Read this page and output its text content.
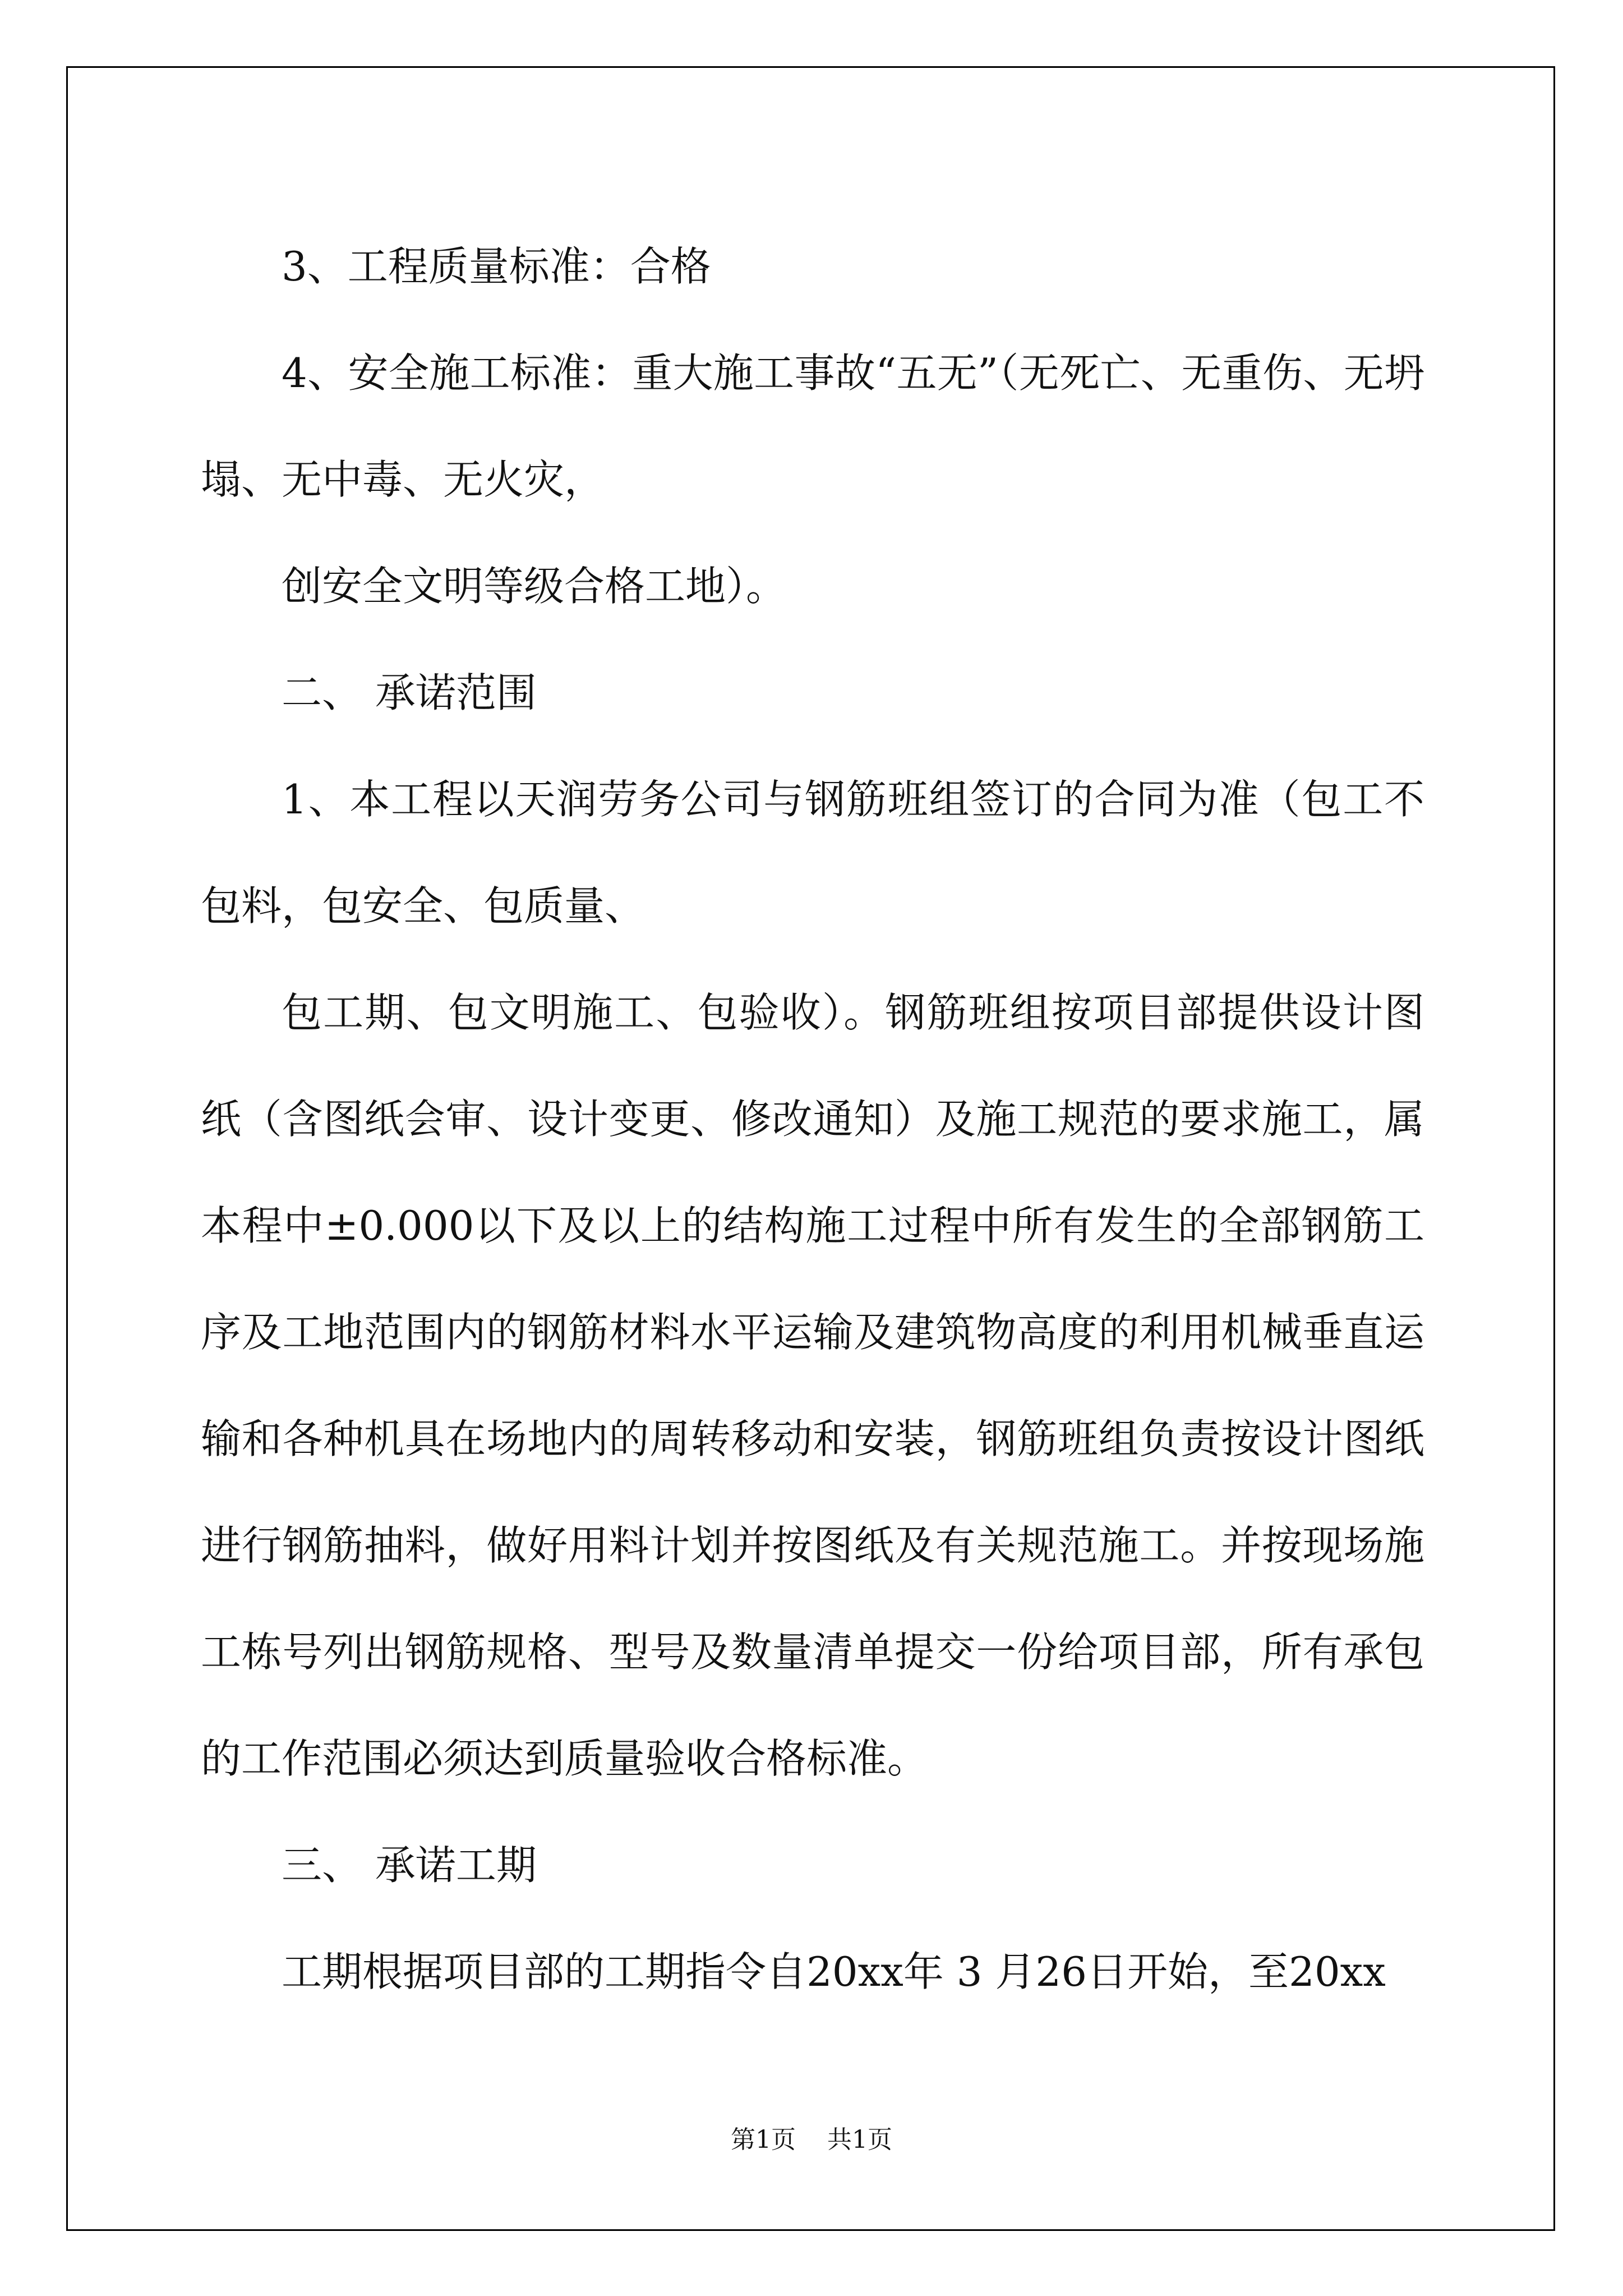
3、工程质量标准：合格

4、安全施工标准：重大施工事故“五无”（无死亡、无重伤、无坍塌、无中毒、无火灾，

创安全文明等级合格工地）。

二、 承诺范围

1、本工程以天润劳务公司与钢筋班组签订的合同为准（包工不包料，包安全、包质量、

包工期、包文明施工、包验收）。钢筋班组按项目部提供设计图纸（含图纸会审、设计变更、修改通知）及施工规范的要求施工，属本程中±0.000以下及以上的结构施工过程中所有发生的全部钢筋工序及工地范围内的钢筋材料水平运输及建筑物高度的利用机械垂直运输和各种机具在场地内的周转移动和安装，钢筋班组负责按设计图纸进行钢筋抽料，做好用料计划并按图纸及有关规范施工。并按现场施工栋号列出钢筋规格、型号及数量清单提交一份给项目部，所有承包的工作范围必须达到质量验收合格标准。

三、 承诺工期

工期根据项目部的工期指令自20xx年 3 月26日开始，至20xx

第1页    共1页
